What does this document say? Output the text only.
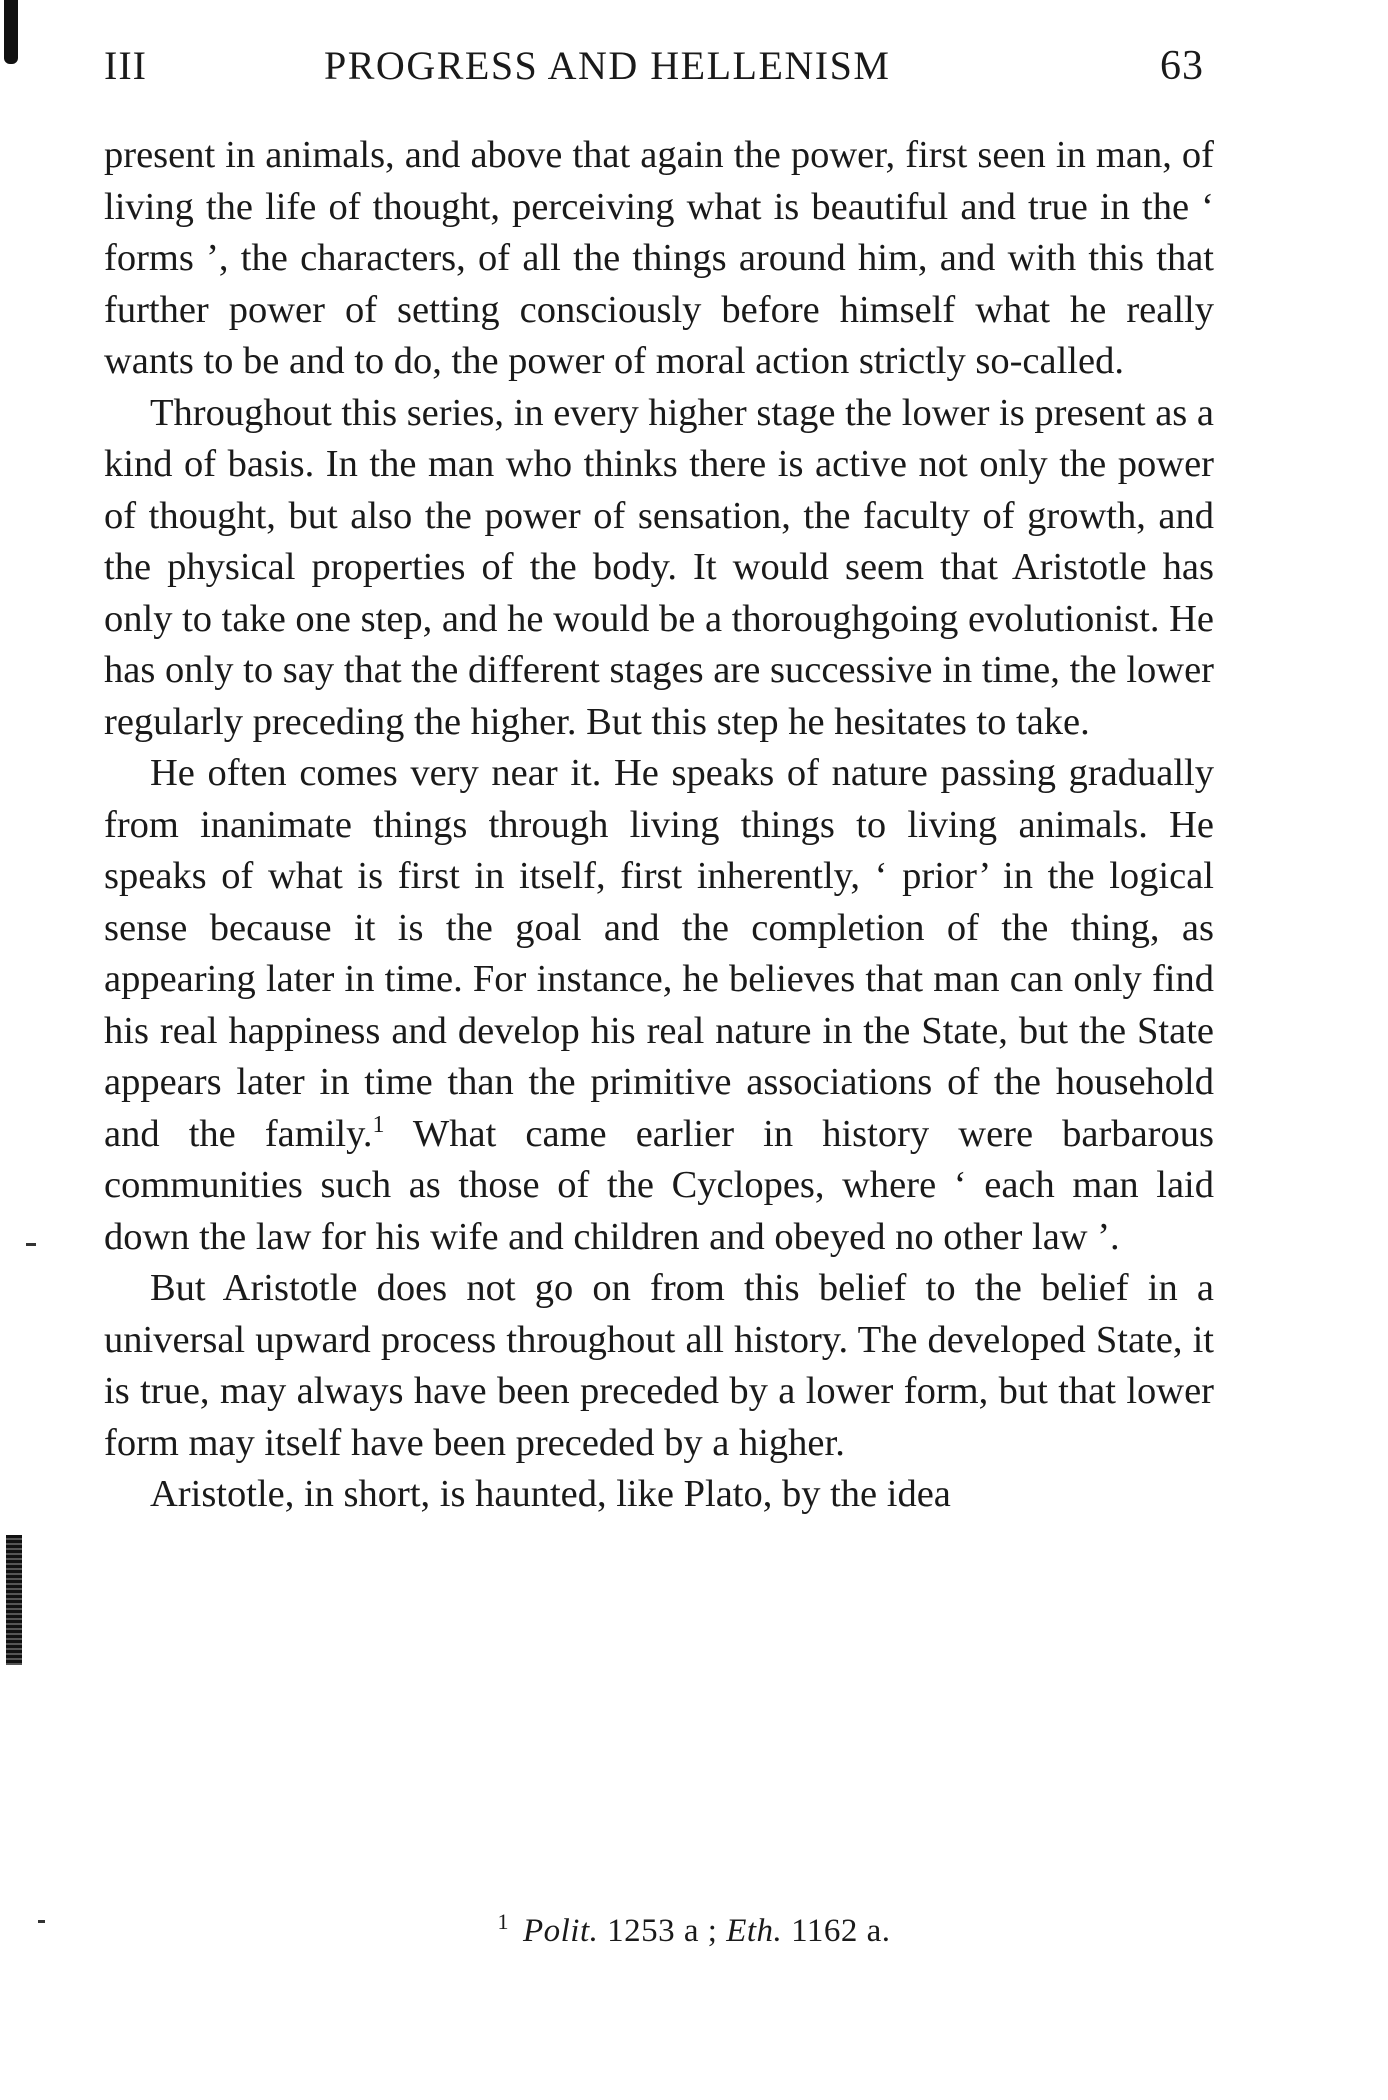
III	PROGRESS AND HELLENISM	63

present in animals, and above that again the power, first seen in man, of living the life of thought, perceiving what is beautiful and true in the ‘ forms ’, the characters, of all the things around him, and with this that further power of setting consciously before himself what he really wants to be and to do, the power of moral action strictly so-called.

Throughout this series, in every higher stage the lower is present as a kind of basis. In the man who thinks there is active not only the power of thought, but also the power of sensation, the faculty of growth, and the physical properties of the body. It would seem that Aristotle has only to take one step, and he would be a thoroughgoing evolutionist. He has only to say that the different stages are successive in time, the lower regularly preceding the higher. But this step he hesitates to take.

He often comes very near it. He speaks of nature passing gradually from inanimate things through living things to living animals. He speaks of what is first in itself, first inherently, ‘ prior’ in the logical sense because it is the goal and the completion of the thing, as appearing later in time. For instance, he believes that man can only find his real happiness and develop his real nature in the State, but the State appears later in time than the primitive associations of the household and the family.$^1$ What came earlier in history were barbarous communities such as those of the Cyclopes, where ‘ each man laid down the law for his wife and children and obeyed no other law ’.

But Aristotle does not go on from this belief to the belief in a universal upward process throughout all history. The developed State, it is true, may always have been preceded by a lower form, but that lower form may itself have been preceded by a higher.

Aristotle, in short, is haunted, like Plato, by the idea

$^1$ Polit. 1253 a ; Eth. 1162 a.
